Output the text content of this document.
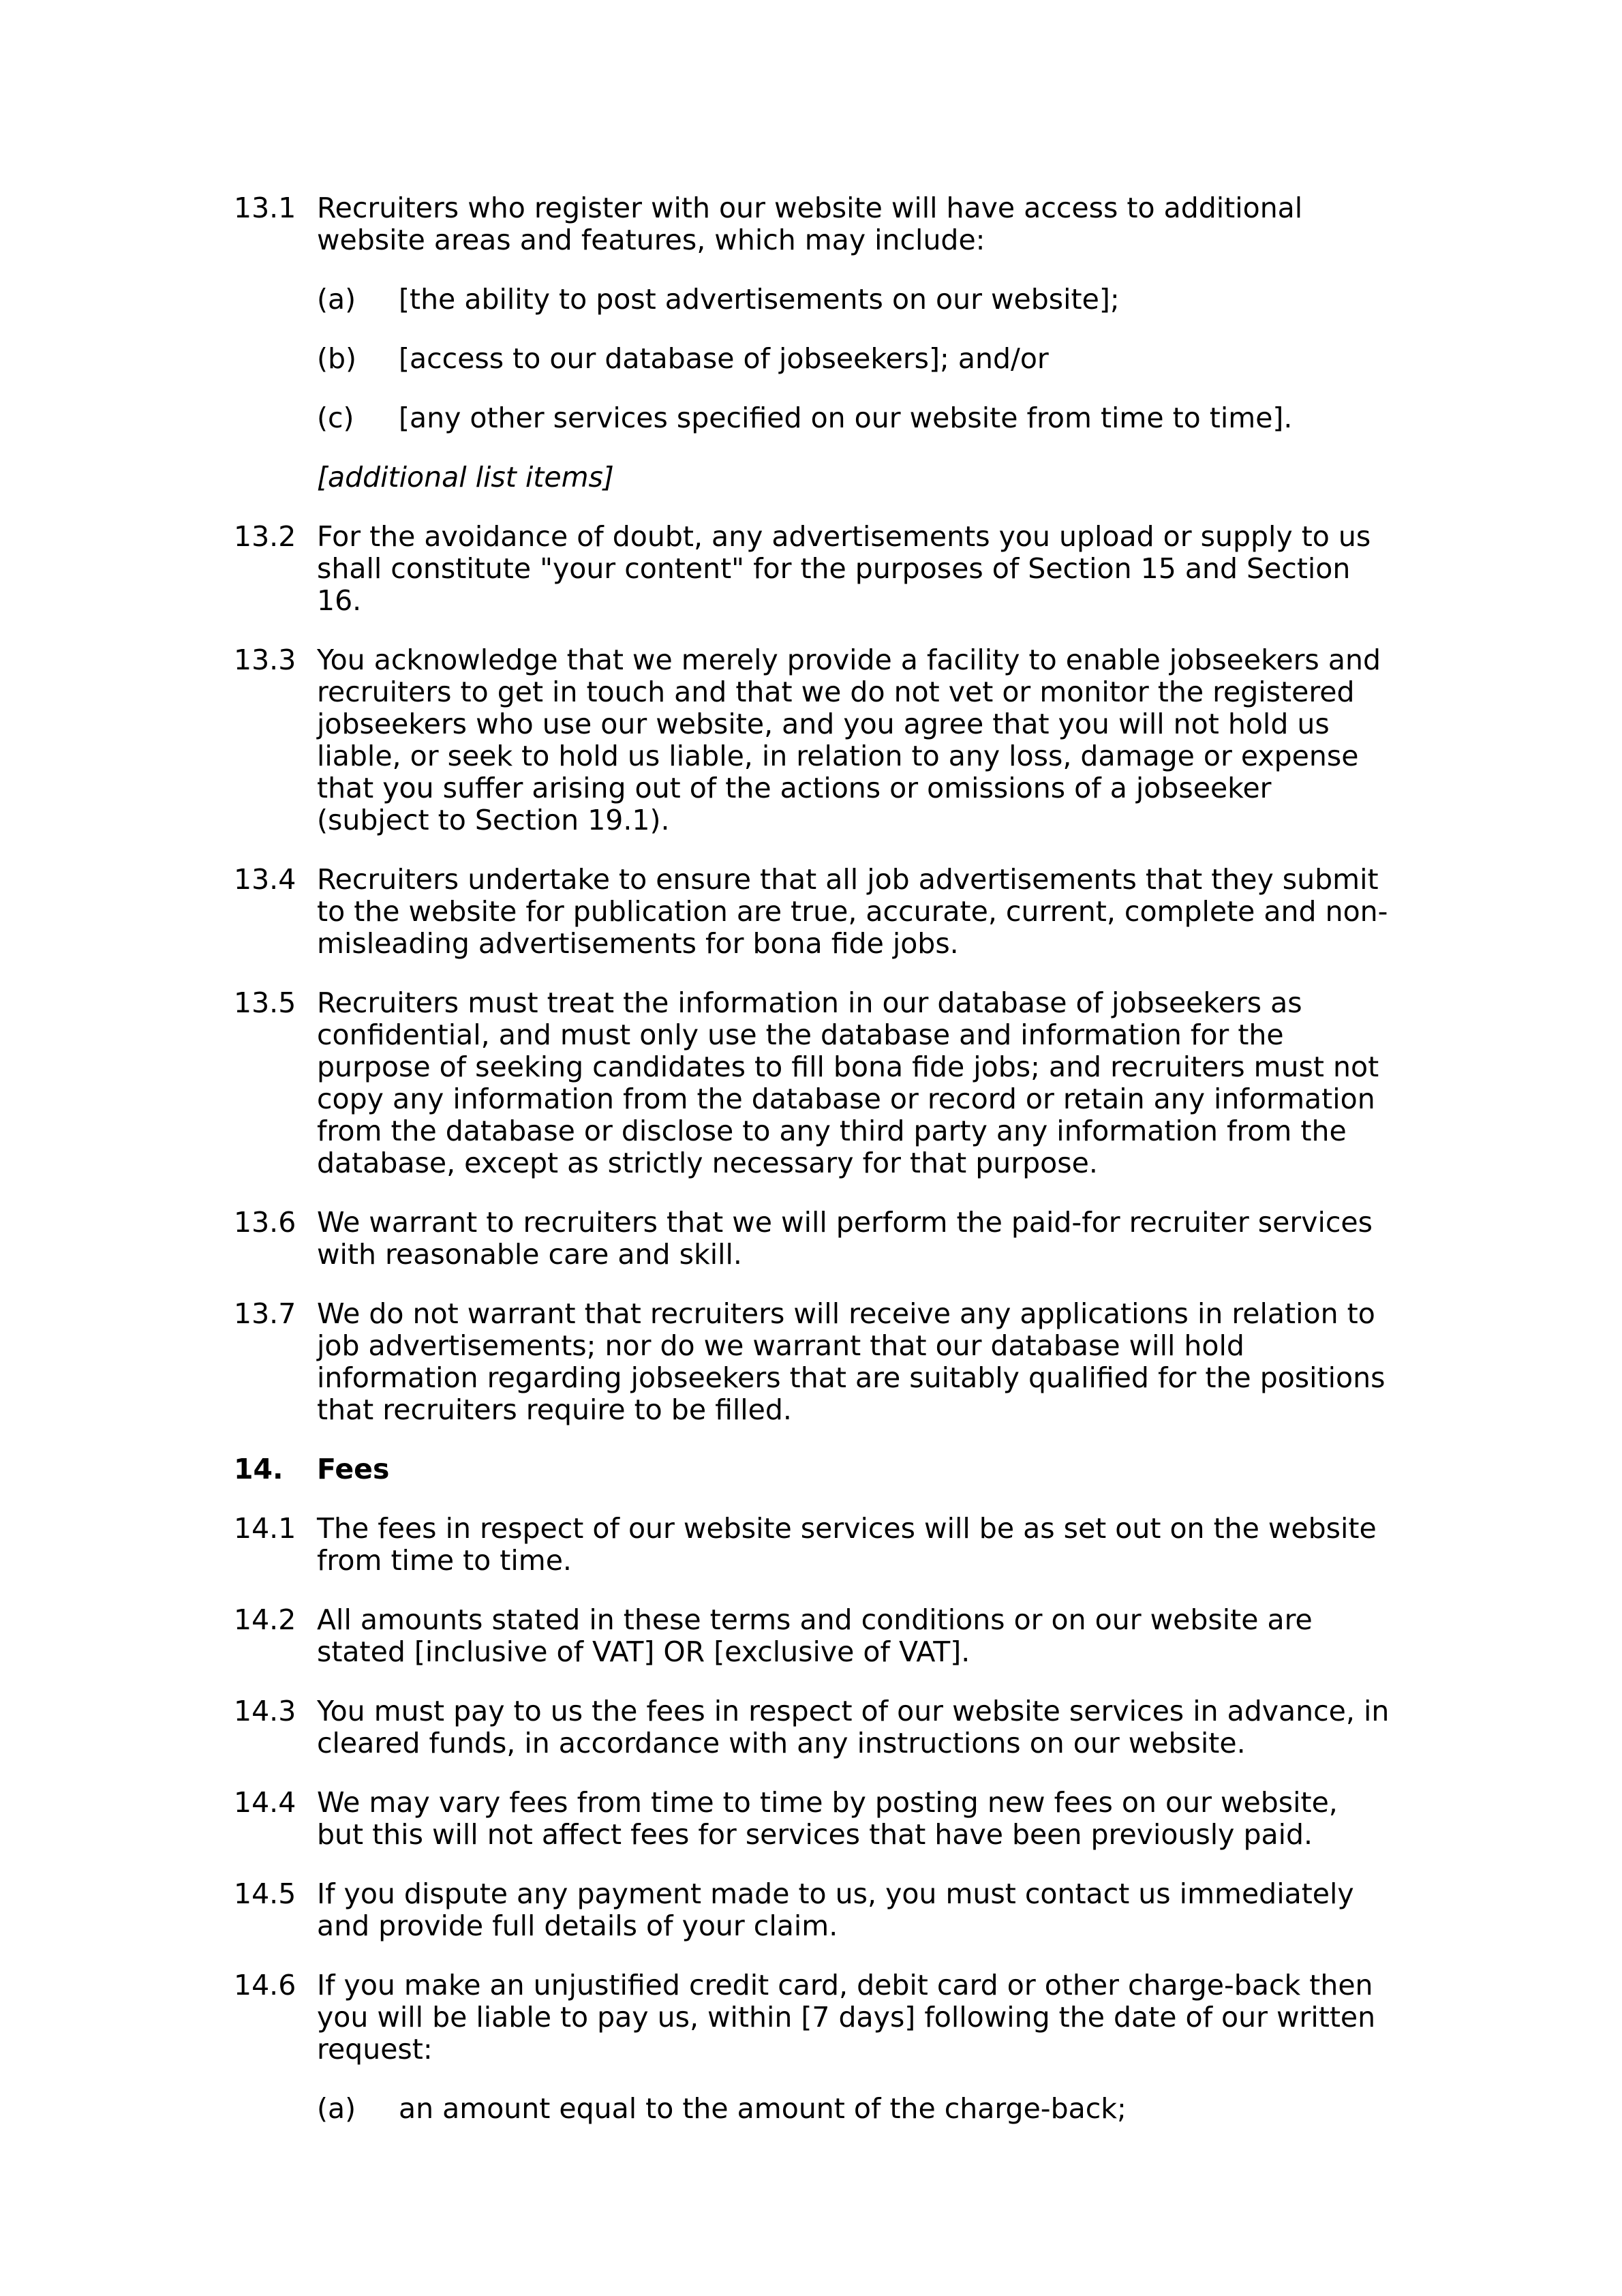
13.1 Recruiters who register with our website will have access to additional website areas and features, which may include:
(a)	[the ability to post advertisements on our website];
(b)	[access to our database of jobseekers]; and/or
(c)	[any other services specified on our website from time to time].
[additional list items]
13.2 For the avoidance of doubt, any advertisements you upload or supply to us shall constitute "your content" for the purposes of Section 15 and Section 16.
13.3 You acknowledge that we merely provide a facility to enable jobseekers and recruiters to get in touch and that we do not vet or monitor the registered jobseekers who use our website, and you agree that you will not hold us liable, or seek to hold us liable, in relation to any loss, damage or expense that you suffer arising out of the actions or omissions of a jobseeker (subject to Section 19.1).
13.4 Recruiters undertake to ensure that all job advertisements that they submit to the website for publication are true, accurate, current, complete and non-misleading advertisements for bona fide jobs.
13.5 Recruiters must treat the information in our database of jobseekers as confidential, and must only use the database and information for the purpose of seeking candidates to fill bona fide jobs; and recruiters must not copy any information from the database or record or retain any information from the database or disclose to any third party any information from the database, except as strictly necessary for that purpose.
13.6 We warrant to recruiters that we will perform the paid-for recruiter services with reasonable care and skill.
13.7 We do not warrant that recruiters will receive any applications in relation to job advertisements; nor do we warrant that our database will hold information regarding jobseekers that are suitably qualified for the positions that recruiters require to be filled.
14.	Fees
14.1 The fees in respect of our website services will be as set out on the website from time to time.
14.2 All amounts stated in these terms and conditions or on our website are stated [inclusive of VAT] OR [exclusive of VAT].
14.3 You must pay to us the fees in respect of our website services in advance, in cleared funds, in accordance with any instructions on our website.
14.4 We may vary fees from time to time by posting new fees on our website, but this will not affect fees for services that have been previously paid.
14.5 If you dispute any payment made to us, you must contact us immediately and provide full details of your claim.
14.6 If you make an unjustified credit card, debit card or other charge-back then you will be liable to pay us, within [7 days] following the date of our written request:
(a)	an amount equal to the amount of the charge-back;
